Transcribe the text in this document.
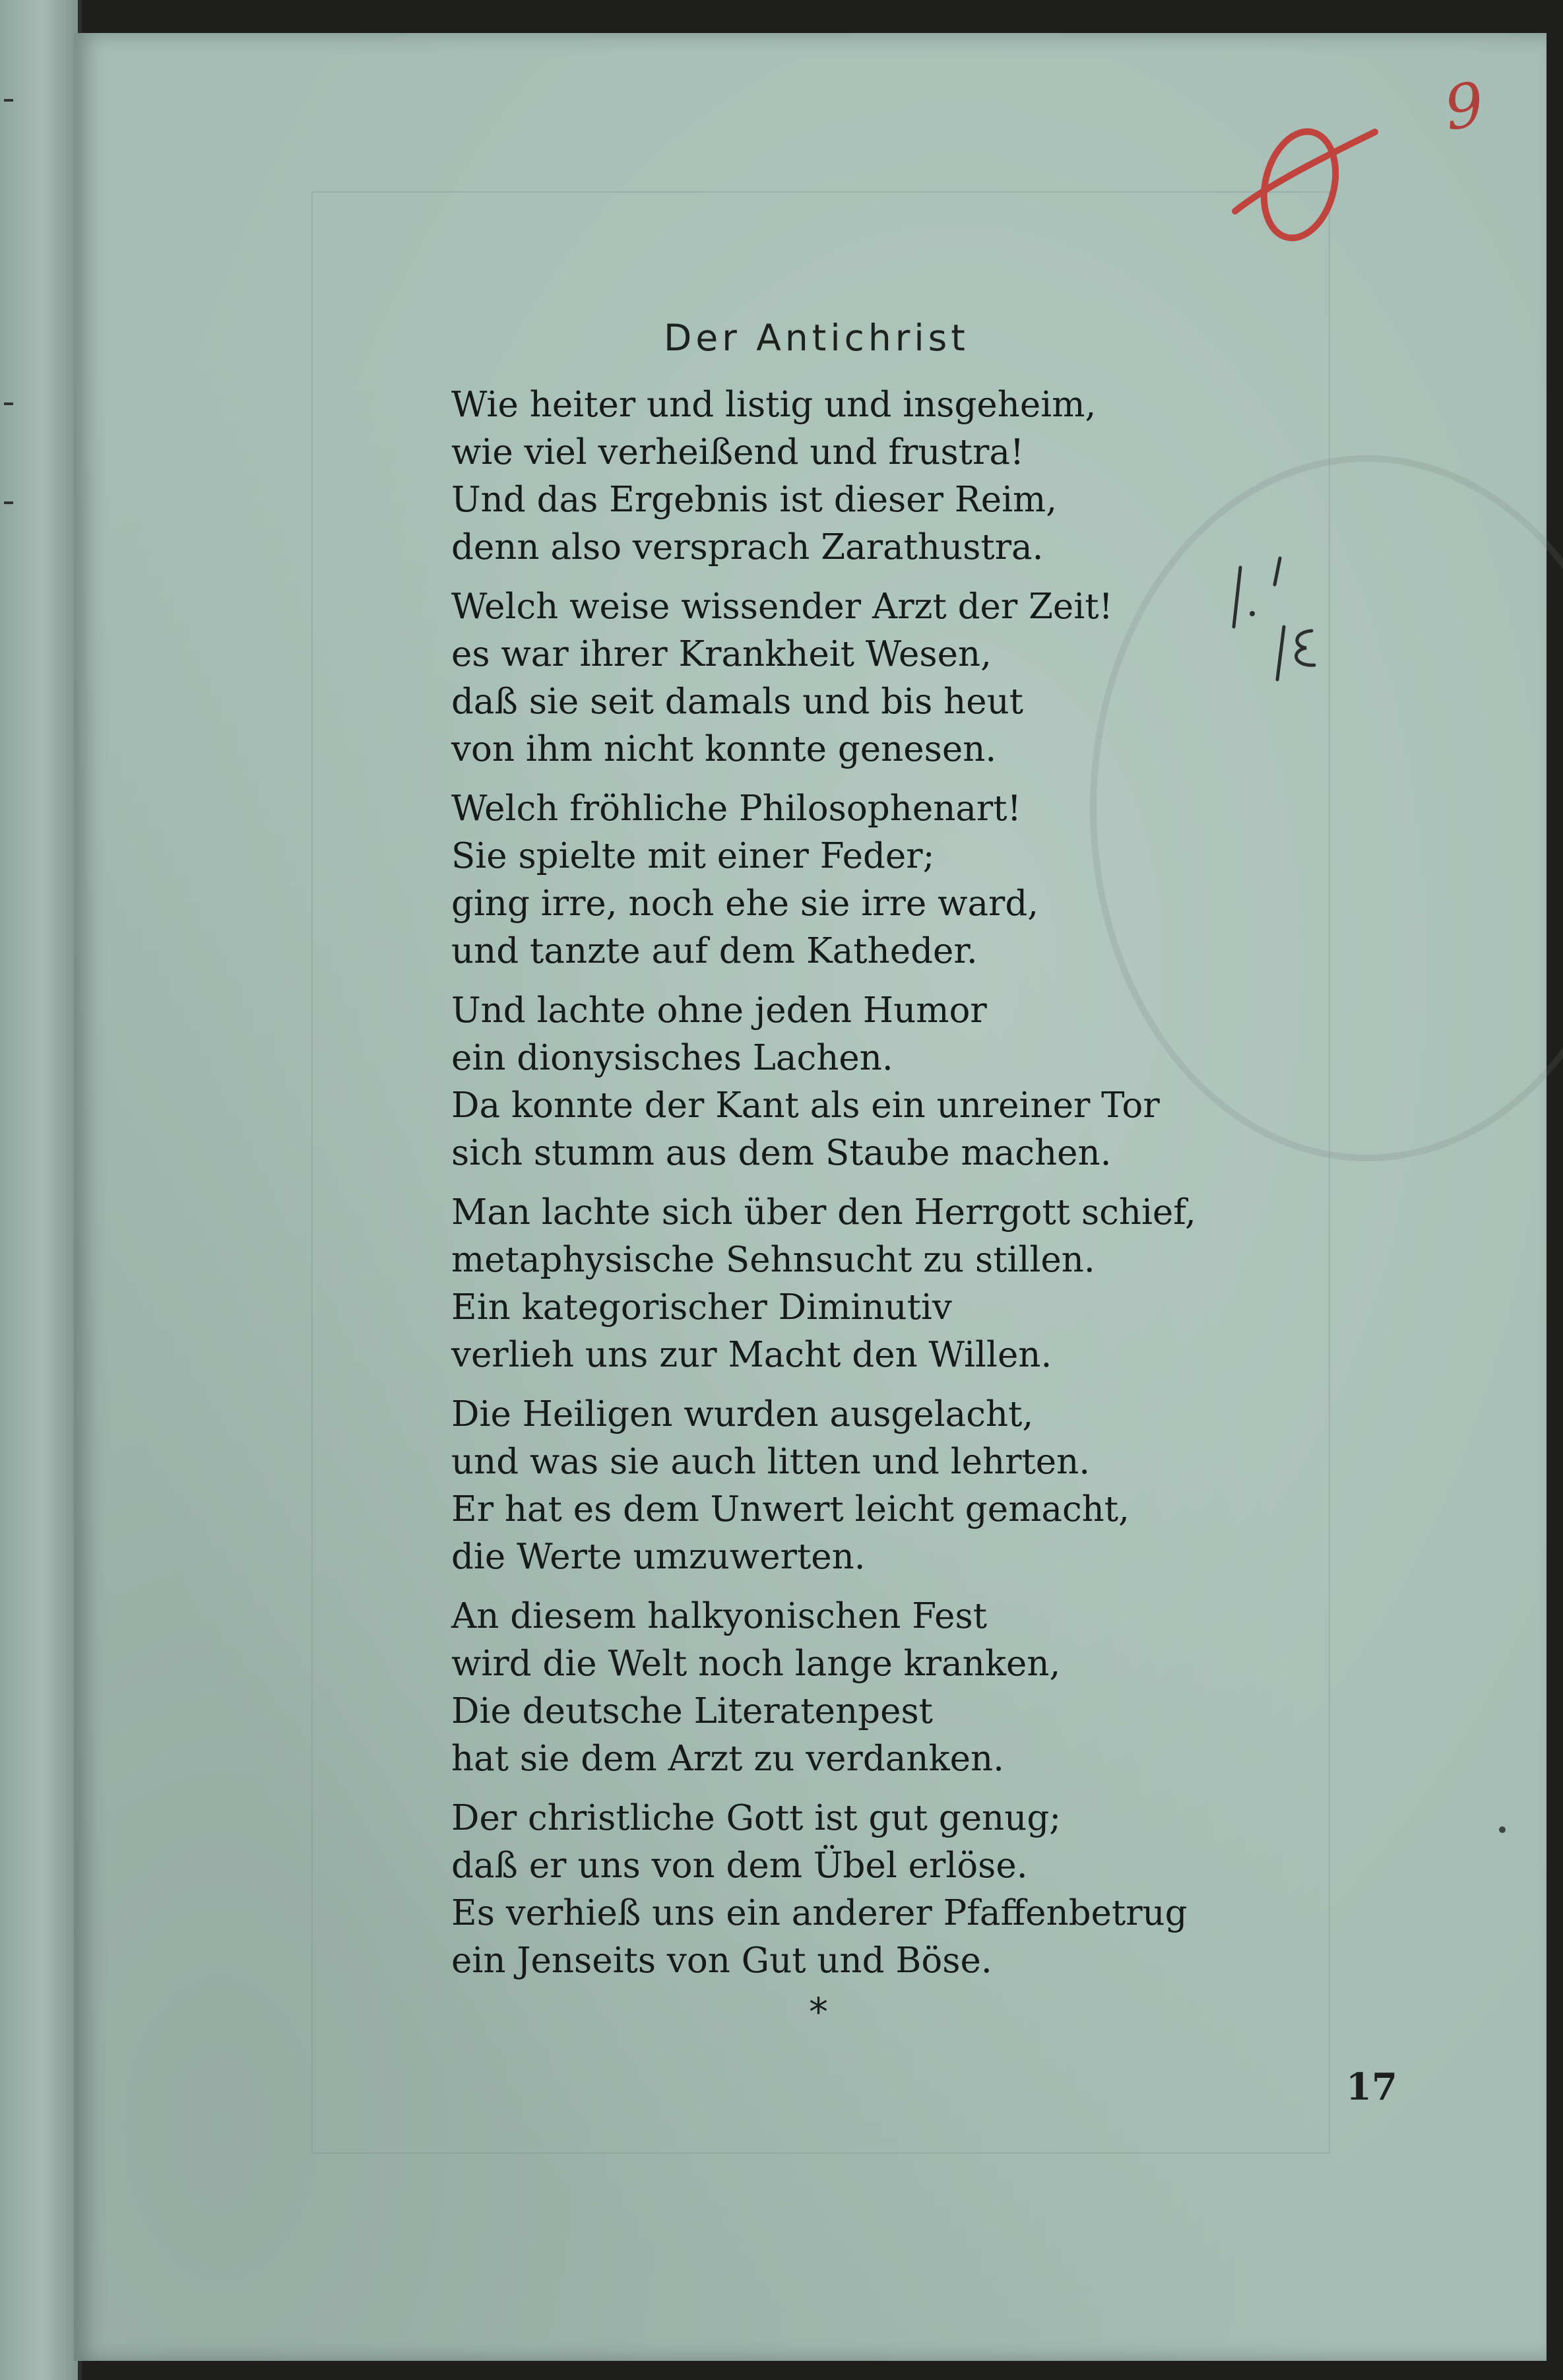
9
Der Antichrist
Wie heiter und listig und insgeheim,
wie viel verheißend und frustra!
Und das Ergebnis ist dieser Reim,
denn also versprach Zarathustra.
Welch weise wissender Arzt der Zeit!
es war ihrer Krankheit Wesen,
daß sie seit damals und bis heut
von ihm nicht konnte genesen.
Welch fröhliche Philosophenart!
Sie spielte mit einer Feder;
ging irre, noch ehe sie irre ward,
und tanzte auf dem Katheder.
Und lachte ohne jeden Humor
ein dionysisches Lachen.
Da konnte der Kant als ein unreiner Tor
sich stumm aus dem Staube machen.
Man lachte sich über den Herrgott schief,
metaphysische Sehnsucht zu stillen.
Ein kategorischer Diminutiv
verlieh uns zur Macht den Willen.
Die Heiligen wurden ausgelacht,
und was sie auch litten und lehrten.
Er hat es dem Unwert leicht gemacht,
die Werte umzuwerten.
An diesem halkyonischen Fest
wird die Welt noch lange kranken,
Die deutsche Literatenpest
hat sie dem Arzt zu verdanken.
Der christliche Gott ist gut genug;
daß er uns von dem Übel erlöse.
Es verhieß uns ein anderer Pfaffenbetrug
ein Jenseits von Gut und Böse.
*
17
